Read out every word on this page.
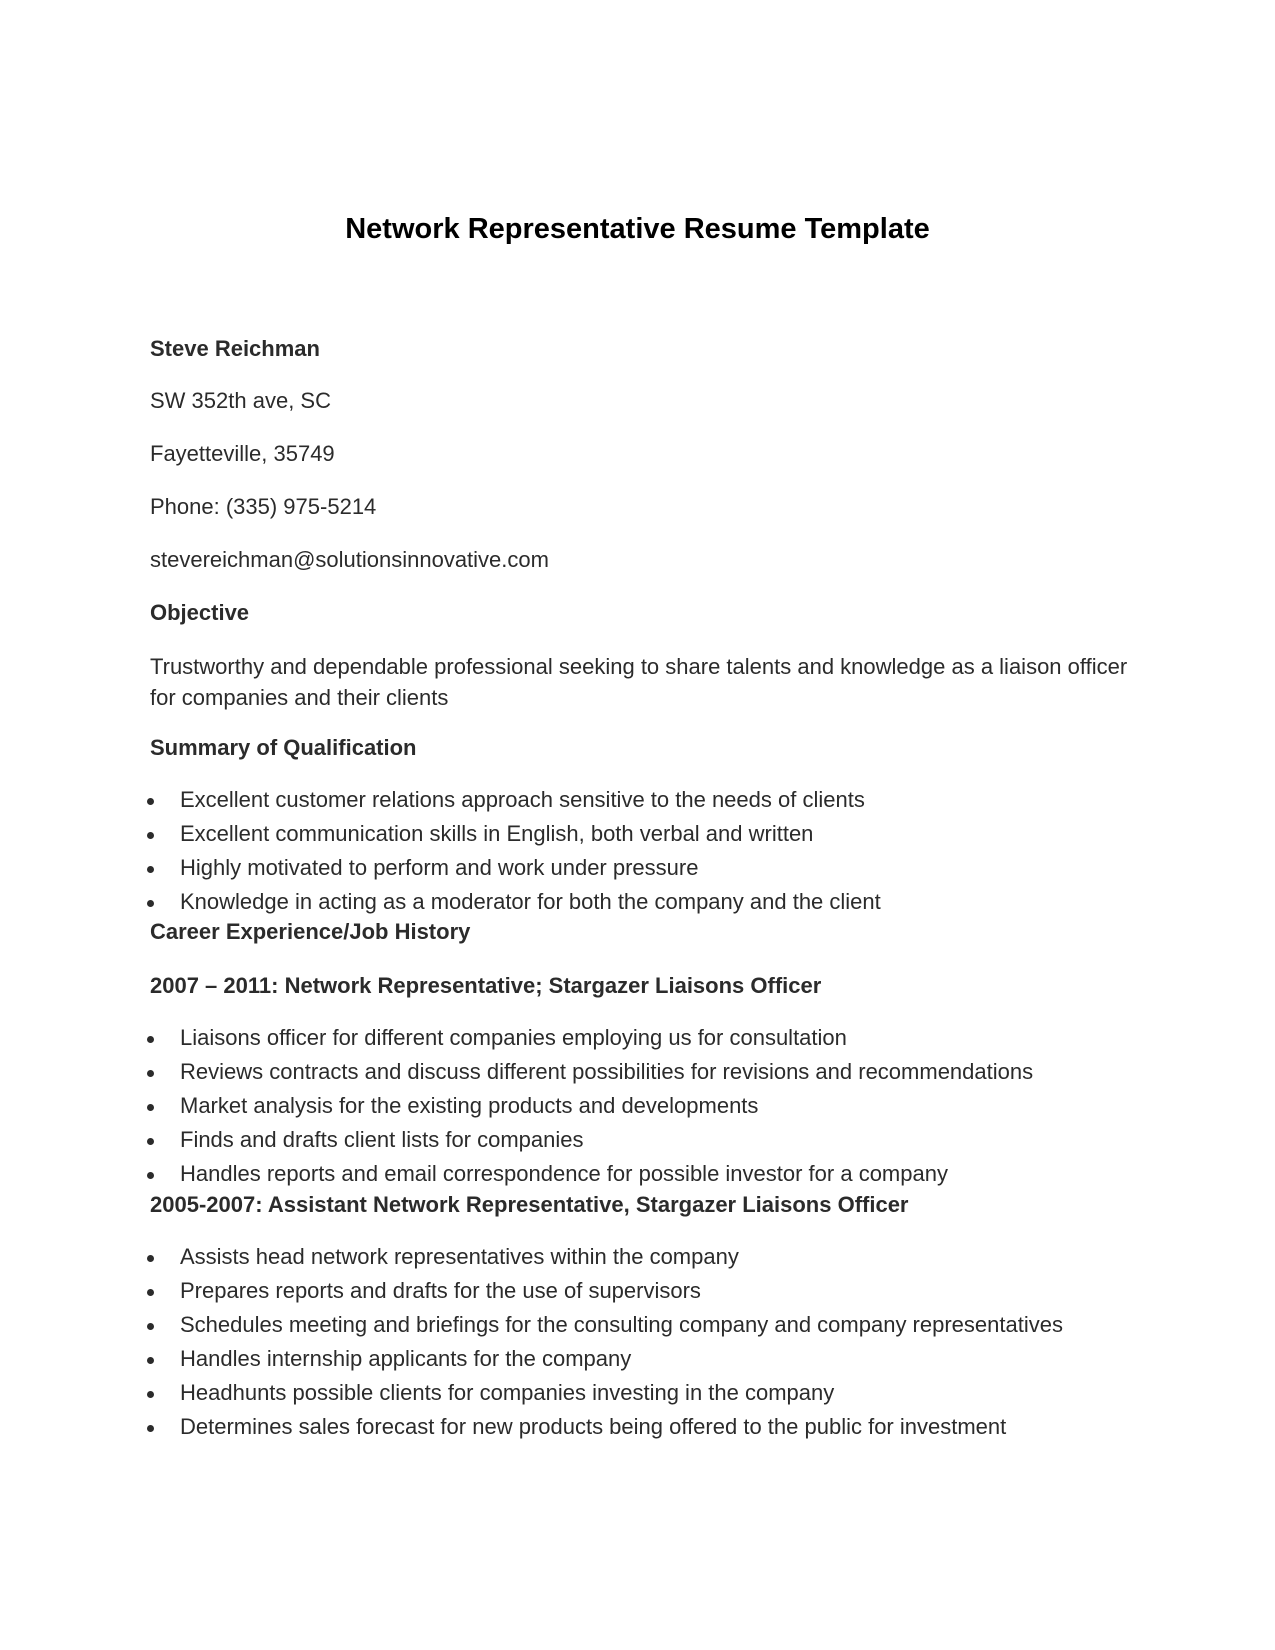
Network Representative Resume Template

Steve Reichman

SW 352th ave, SC

Fayetteville, 35749

Phone: (335) 975-5214

stevereichman@solutionsinnovative.com

Objective

Trustworthy and dependable professional seeking to share talents and knowledge as a liaison officer for companies and their clients

Summary of Qualification

Excellent customer relations approach sensitive to the needs of clients
Excellent communication skills in English, both verbal and written
Highly motivated to perform and work under pressure
Knowledge in acting as a moderator for both the company and the client

Career Experience/Job History

2007 – 2011: Network Representative; Stargazer Liaisons Officer

Liaisons officer for different companies employing us for consultation
Reviews contracts and discuss different possibilities for revisions and recommendations
Market analysis for the existing products and developments
Finds and drafts client lists for companies
Handles reports and email correspondence for possible investor for a company

2005-2007: Assistant Network Representative, Stargazer Liaisons Officer

Assists head network representatives within the company
Prepares reports and drafts for the use of supervisors
Schedules meeting and briefings for the consulting company and company representatives
Handles internship applicants for the company
Headhunts possible clients for companies investing in the company
Determines sales forecast for new products being offered to the public for investment
